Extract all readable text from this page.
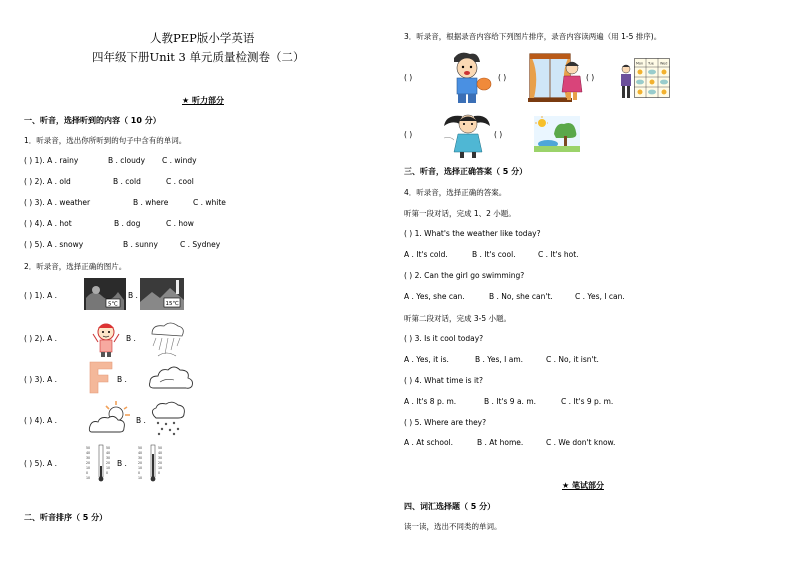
人教PEP版小学英语
四年级下册Unit 3 单元质量检测卷（二）
★ 听力部分
一、听音，选择听到的内容（ 10 分）
1．听录音，选出你所听到的句子中含有的单词。
( ) 1). A . rainy	B . cloudy C . windy
( ) 2). A . old	B . cold	C . cool
( ) 3). A . weather	B . where	C . white
( ) 4). A . hot	B . dog	C . how
( ) 5). A . snowy	B . sunny	C . Sydney
2．听录音，选择正确的图片。
( ) 1). A .
5℃
B .
15℃
( ) 2). A .	B .
( ) 3). A .	B .
( ) 4). A .	B .
( ) 5). A .
50
40
30
20
10
0
10
50
40
30
20
10
0
B .
50
40
30
20
10
0
10
50
40
30
20
10
0
二、听音排序（ 5 分）
3．听录音，根据录音内容给下列图片排序，录音内容读两遍（用 1-5 排序)。
( )	( )	( )
Mon Tue Wed
( )	( )
三、听音，选择正确答案（ 5 分）
4．听录音，选择正确的答案。
听第一段对话，完成 1、2 小题。
( ) 1. What's the weather like today?
A . It's cold.	B . It's cool.	C . It's hot.
( ) 2. Can the girl go swimming?
A . Yes, she can.	B . No, she can't.	C . Yes, I can.
听第二段对话，完成 3-5 小题。
( ) 3. Is it cool today?
A . Yes, it is.	B . Yes, I am.	C . No, it isn't.
( ) 4. What time is it?
A . It's 8 p. m.	B . It's 9 a. m.	C . It's 9 p. m.
( ) 5. Where are they?
A . At school.	B . At home.	C . We don't know.
★ 笔试部分
四、词汇选择题（ 5 分）
读一读，选出不同类的单词。
